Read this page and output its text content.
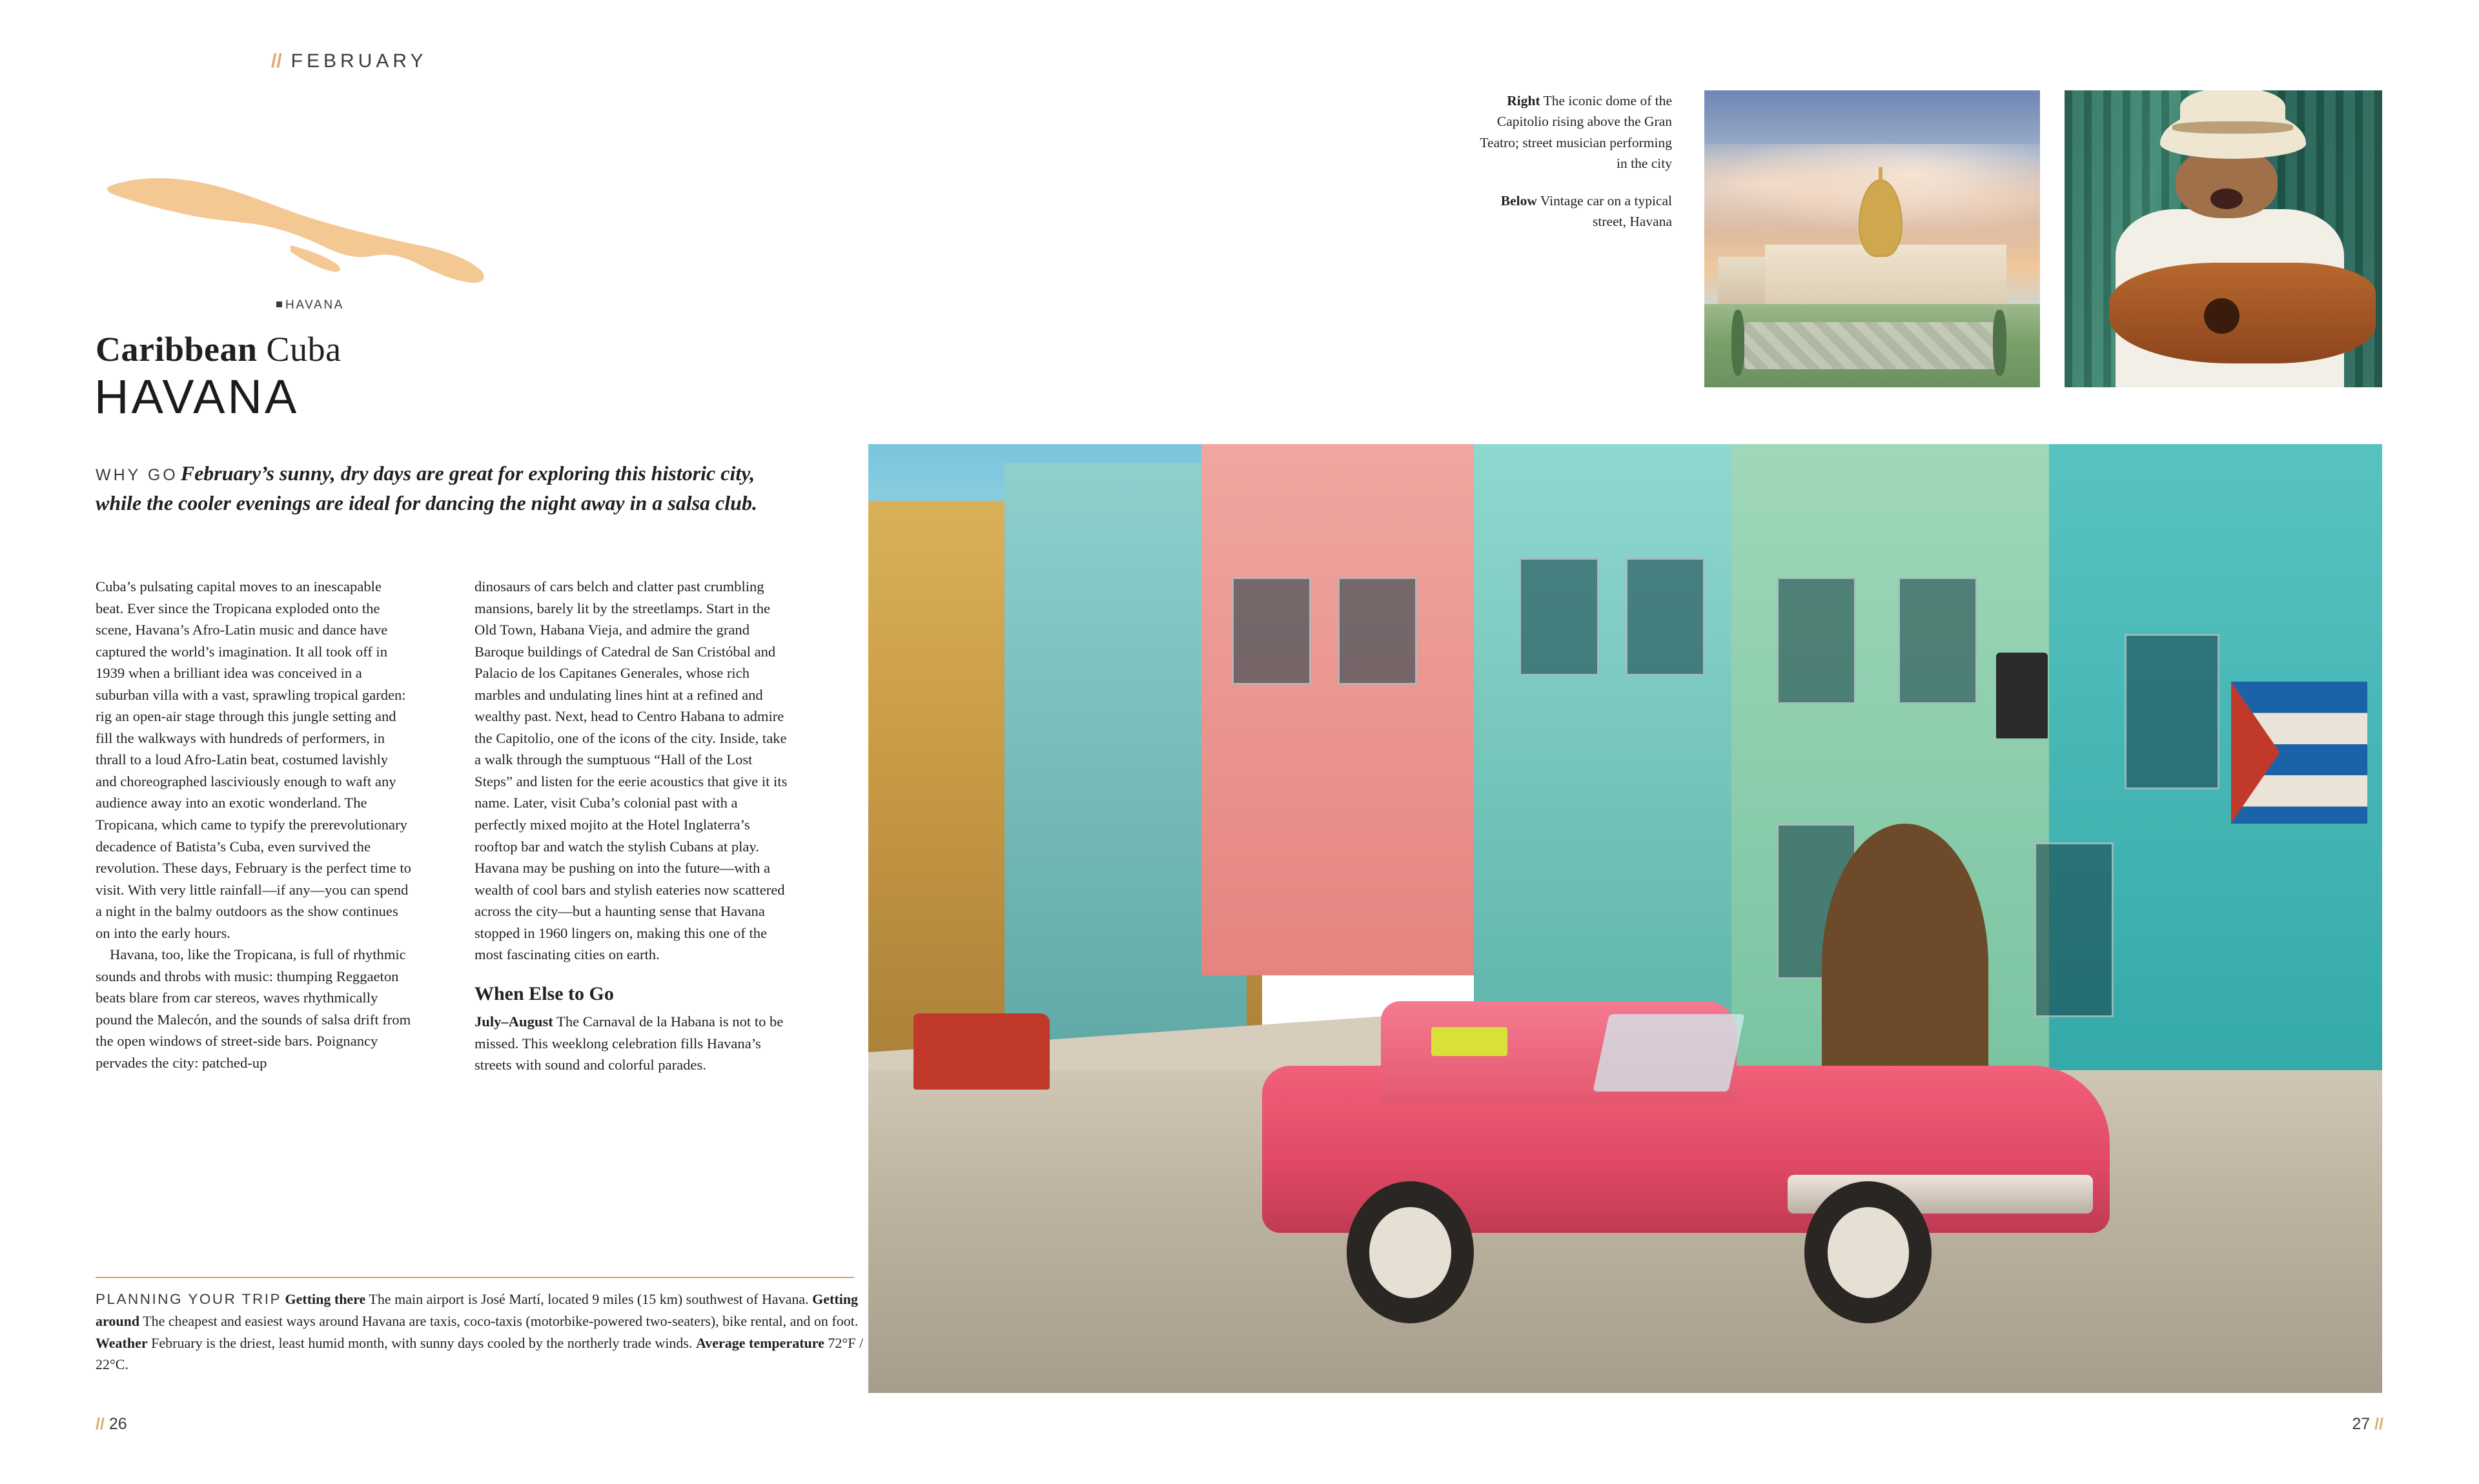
// FEBRUARY
HAVANA
Caribbean Cuba
HAVANA
WHY GO February’s sunny, dry days are great for exploring this historic city, while the cooler evenings are ideal for dancing the night away in a salsa club.

Cuba’s pulsating capital moves to an inescapable beat. Ever since the Tropicana exploded onto the scene, Havana’s Afro-Latin music and dance have captured the world’s imagination. It all took off in 1939 when a brilliant idea was conceived in a suburban villa with a vast, sprawling tropical garden: rig an open-air stage through this jungle setting and fill the walkways with hundreds of performers, in thrall to a loud Afro-Latin beat, costumed lavishly and choreographed lasciviously enough to waft any audience away into an exotic wonderland. The Tropicana, which came to typify the prerevolutionary decadence of Batista’s Cuba, even survived the revolution. These days, February is the perfect time to visit. With very little rainfall—if any—you can spend a night in the balmy outdoors as the show continues on into the early hours.

Havana, too, like the Tropicana, is full of rhythmic sounds and throbs with music: thumping Reggaeton beats blare from car stereos, waves rhythmically pound the Malecón, and the sounds of salsa drift from the open windows of street-side bars. Poignancy pervades the city: patched-up

dinosaurs of cars belch and clatter past crumbling mansions, barely lit by the streetlamps. Start in the Old Town, Habana Vieja, and admire the grand Baroque buildings of Catedral de San Cristóbal and Palacio de los Capitanes Generales, whose rich marbles and undulating lines hint at a refined and wealthy past. Next, head to Centro Habana to admire the Capitolio, one of the icons of the city. Inside, take a walk through the sumptuous “Hall of the Lost Steps” and listen for the eerie acoustics that give it its name. Later, visit Cuba’s colonial past with a perfectly mixed mojito at the Hotel Inglaterra’s rooftop bar and watch the stylish Cubans at play. Havana may be pushing on into the future—with a wealth of cool bars and stylish eateries now scattered across the city—but a haunting sense that Havana stopped in 1960 lingers on, making this one of the most fascinating cities on earth.

When Else to Go

July–August The Carnaval de la Habana is not to be missed. This weeklong celebration fills Havana’s streets with sound and colorful parades.

PLANNING YOUR TRIP Getting there The main airport is José Martí, located 9 miles (15 km) southwest of Havana. Getting around The cheapest and easiest ways around Havana are taxis, coco-taxis (motorbike-powered two-seaters), bike rental, and on foot. Weather February is the driest, least humid month, with sunny days cooled by the northerly trade winds. Average temperature 72°F / 22°C.
// 26	27 //
Right The iconic dome of the Capitolio rising above the Gran Teatro; street musician performing in the city
Below Vintage car on a typical street, Havana
